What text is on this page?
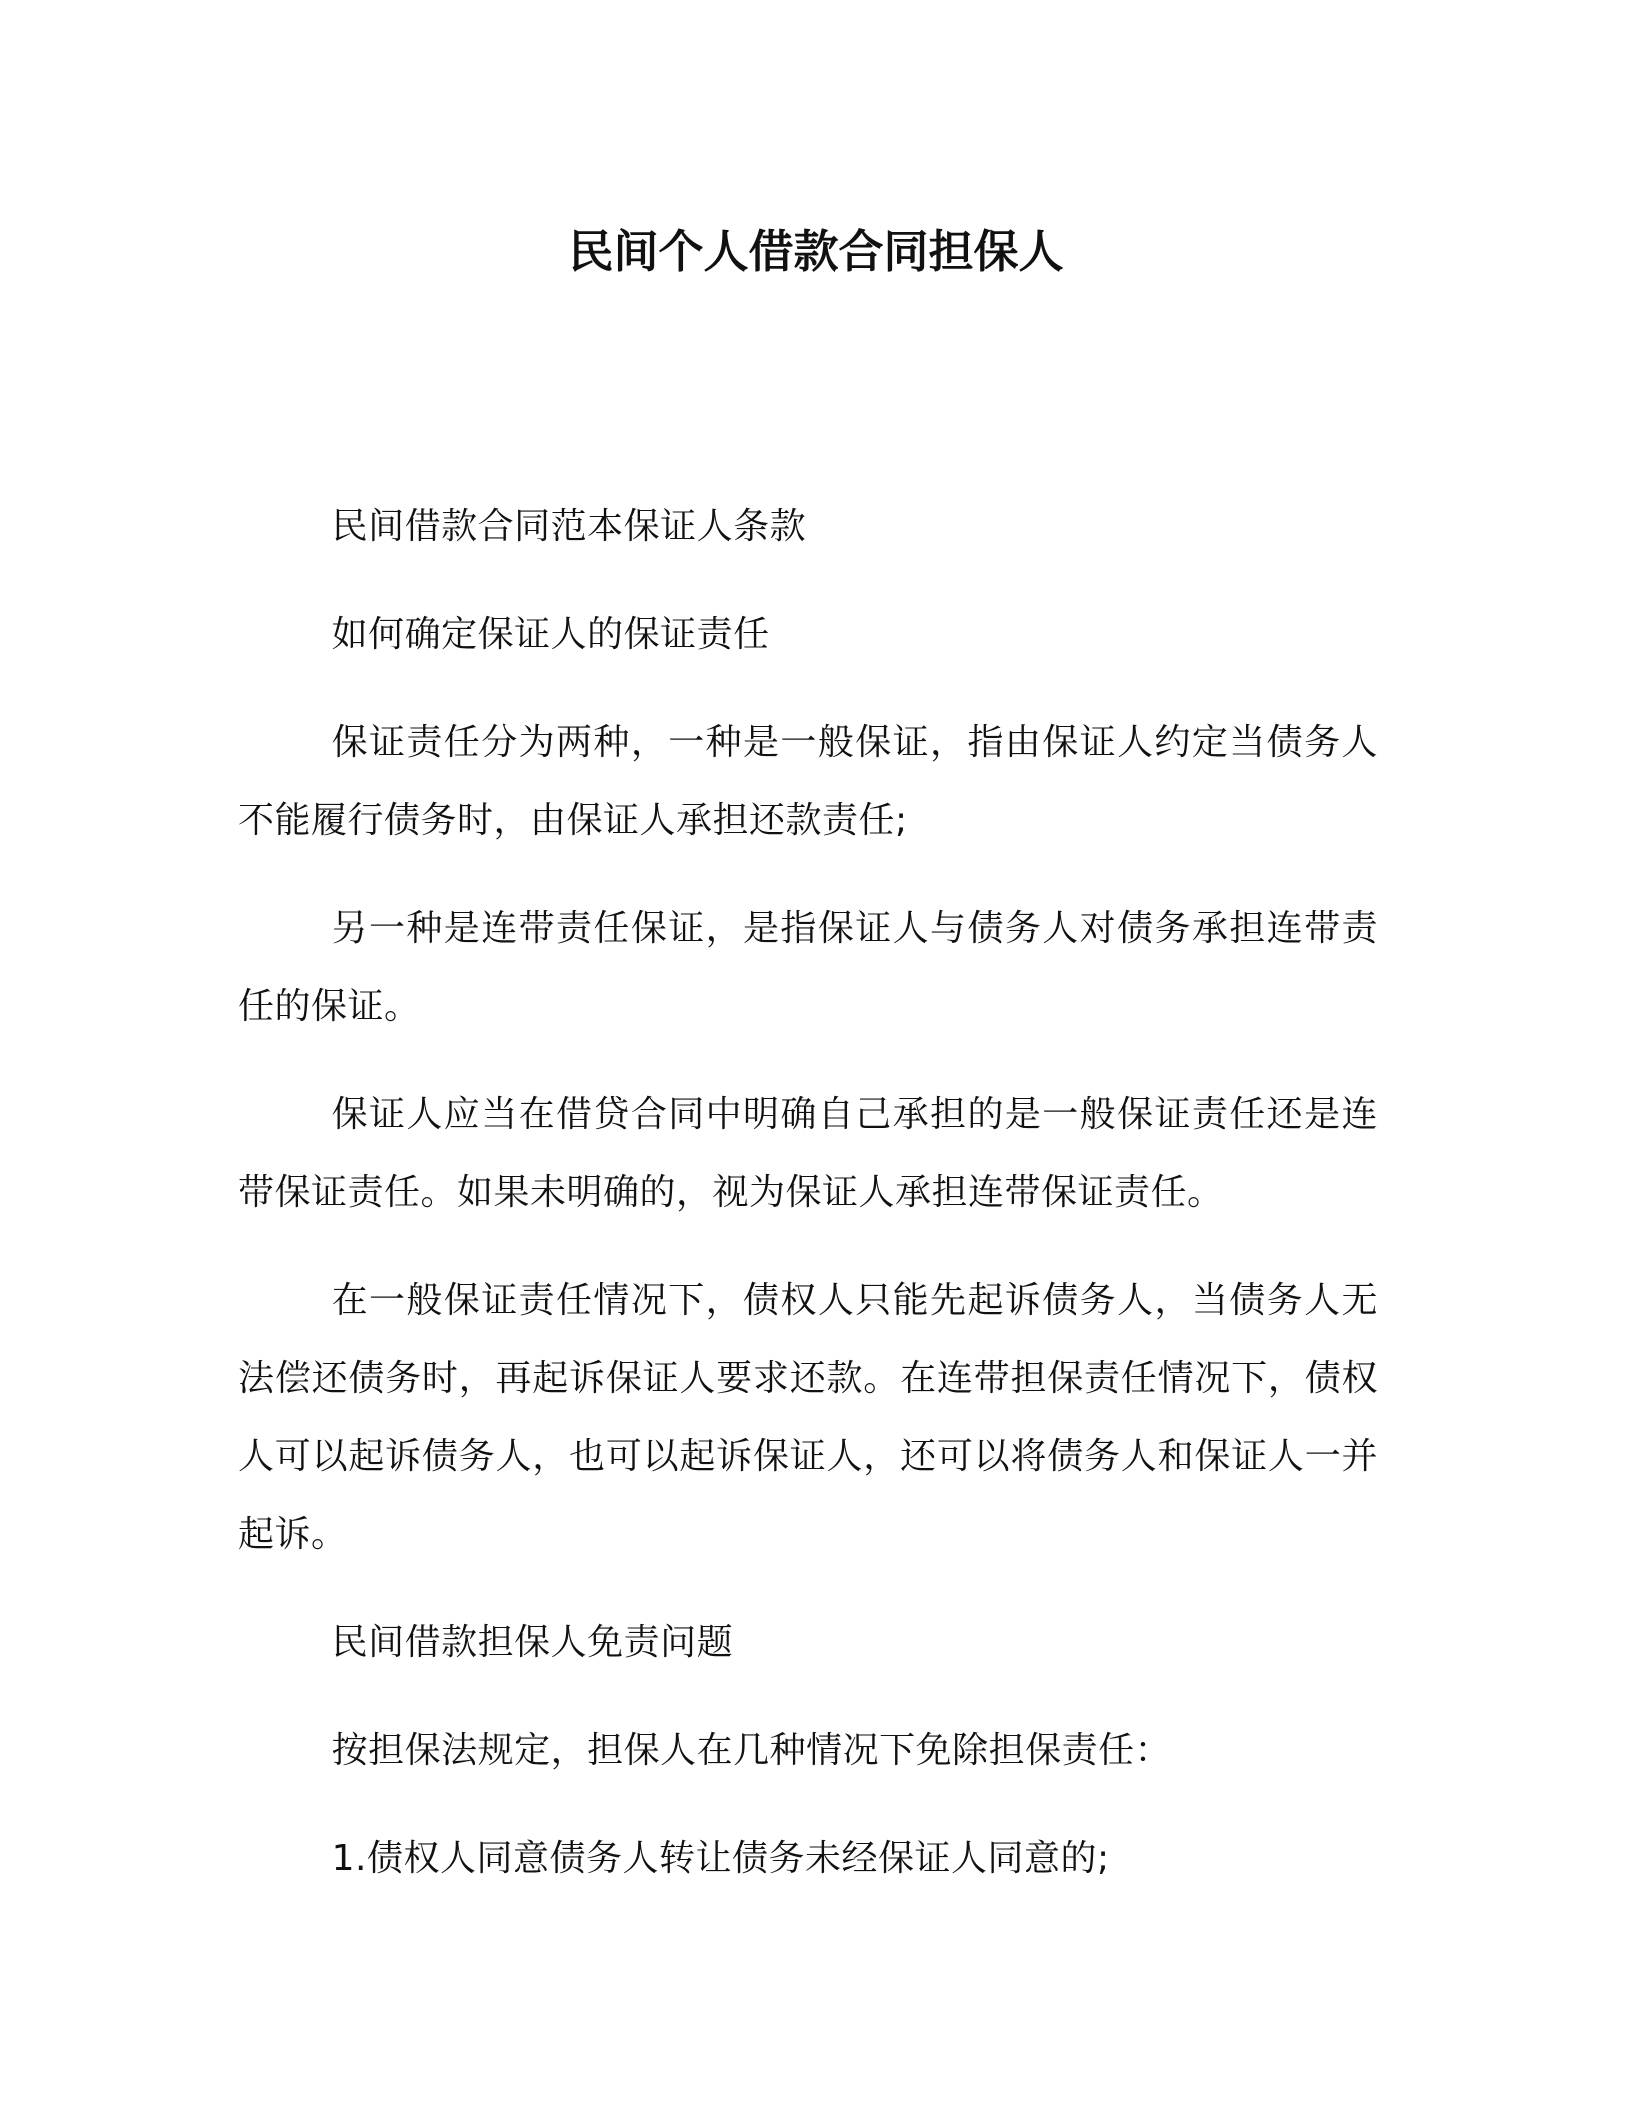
民间个人借款合同担保人

民间借款合同范本保证人条款

如何确定保证人的保证责任

保证责任分为两种，一种是一般保证，指由保证人约定当债务人不能履行债务时，由保证人承担还款责任;

另一种是连带责任保证，是指保证人与债务人对债务承担连带责任的保证。

保证人应当在借贷合同中明确自己承担的是一般保证责任还是连带保证责任。如果未明确的，视为保证人承担连带保证责任。

在一般保证责任情况下，债权人只能先起诉债务人，当债务人无法偿还债务时，再起诉保证人要求还款。在连带担保责任情况下，债权人可以起诉债务人，也可以起诉保证人，还可以将债务人和保证人一并起诉。

民间借款担保人免责问题

按担保法规定，担保人在几种情况下免除担保责任：

1.债权人同意债务人转让债务未经保证人同意的;
